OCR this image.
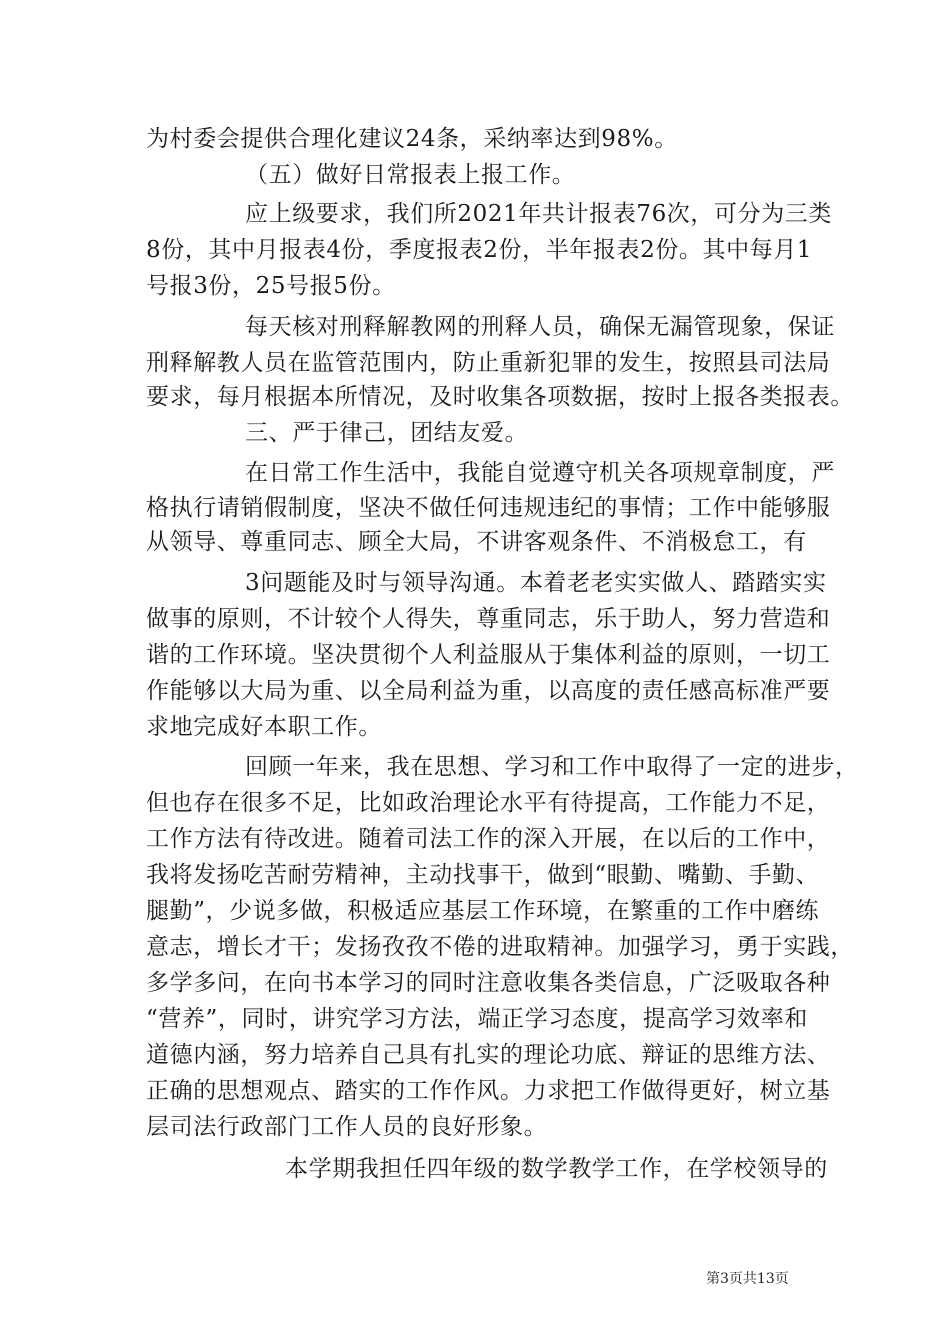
为村委会提供合理化建议24条，采纳率达到98%。
（五）做好日常报表上报工作。
应上级要求，我们所2021年共计报表76次，可分为三类
8份，其中月报表4份，季度报表2份，半年报表2份。其中每月1
号报3份，25号报5份。
每天核对刑释解教网的刑释人员，确保无漏管现象，保证
刑释解教人员在监管范围内，防止重新犯罪的发生，按照县司法局
要求，每月根据本所情况，及时收集各项数据，按时上报各类报表。
三、严于律己，团结友爱。
在日常工作生活中，我能自觉遵守机关各项规章制度，严
格执行请销假制度，坚决不做任何违规违纪的事情；工作中能够服
从领导、尊重同志、顾全大局，不讲客观条件、不消极怠工，有
3问题能及时与领导沟通。本着老老实实做人、踏踏实实
做事的原则，不计较个人得失，尊重同志，乐于助人，努力营造和
谐的工作环境。坚决贯彻个人利益服从于集体利益的原则，一切工
作能够以大局为重、以全局利益为重，以高度的责任感高标准严要
求地完成好本职工作。
回顾一年来，我在思想、学习和工作中取得了一定的进步，
但也存在很多不足，比如政治理论水平有待提高，工作能力不足，
工作方法有待改进。随着司法工作的深入开展，在以后的工作中，
我将发扬吃苦耐劳精神，主动找事干，做到“眼勤、嘴勤、手勤、
腿勤”，少说多做，积极适应基层工作环境，在繁重的工作中磨练
意志，增长才干；发扬孜孜不倦的进取精神。加强学习，勇于实践，
多学多问，在向书本学习的同时注意收集各类信息，广泛吸取各种
“营养”，同时，讲究学习方法，端正学习态度，提高学习效率和
道德内涵，努力培养自己具有扎实的理论功底、辩证的思维方法、
正确的思想观点、踏实的工作作风。力求把工作做得更好，树立基
层司法行政部门工作人员的良好形象。
本学期我担任四年级的数学教学工作，在学校领导的
第3页共13页
